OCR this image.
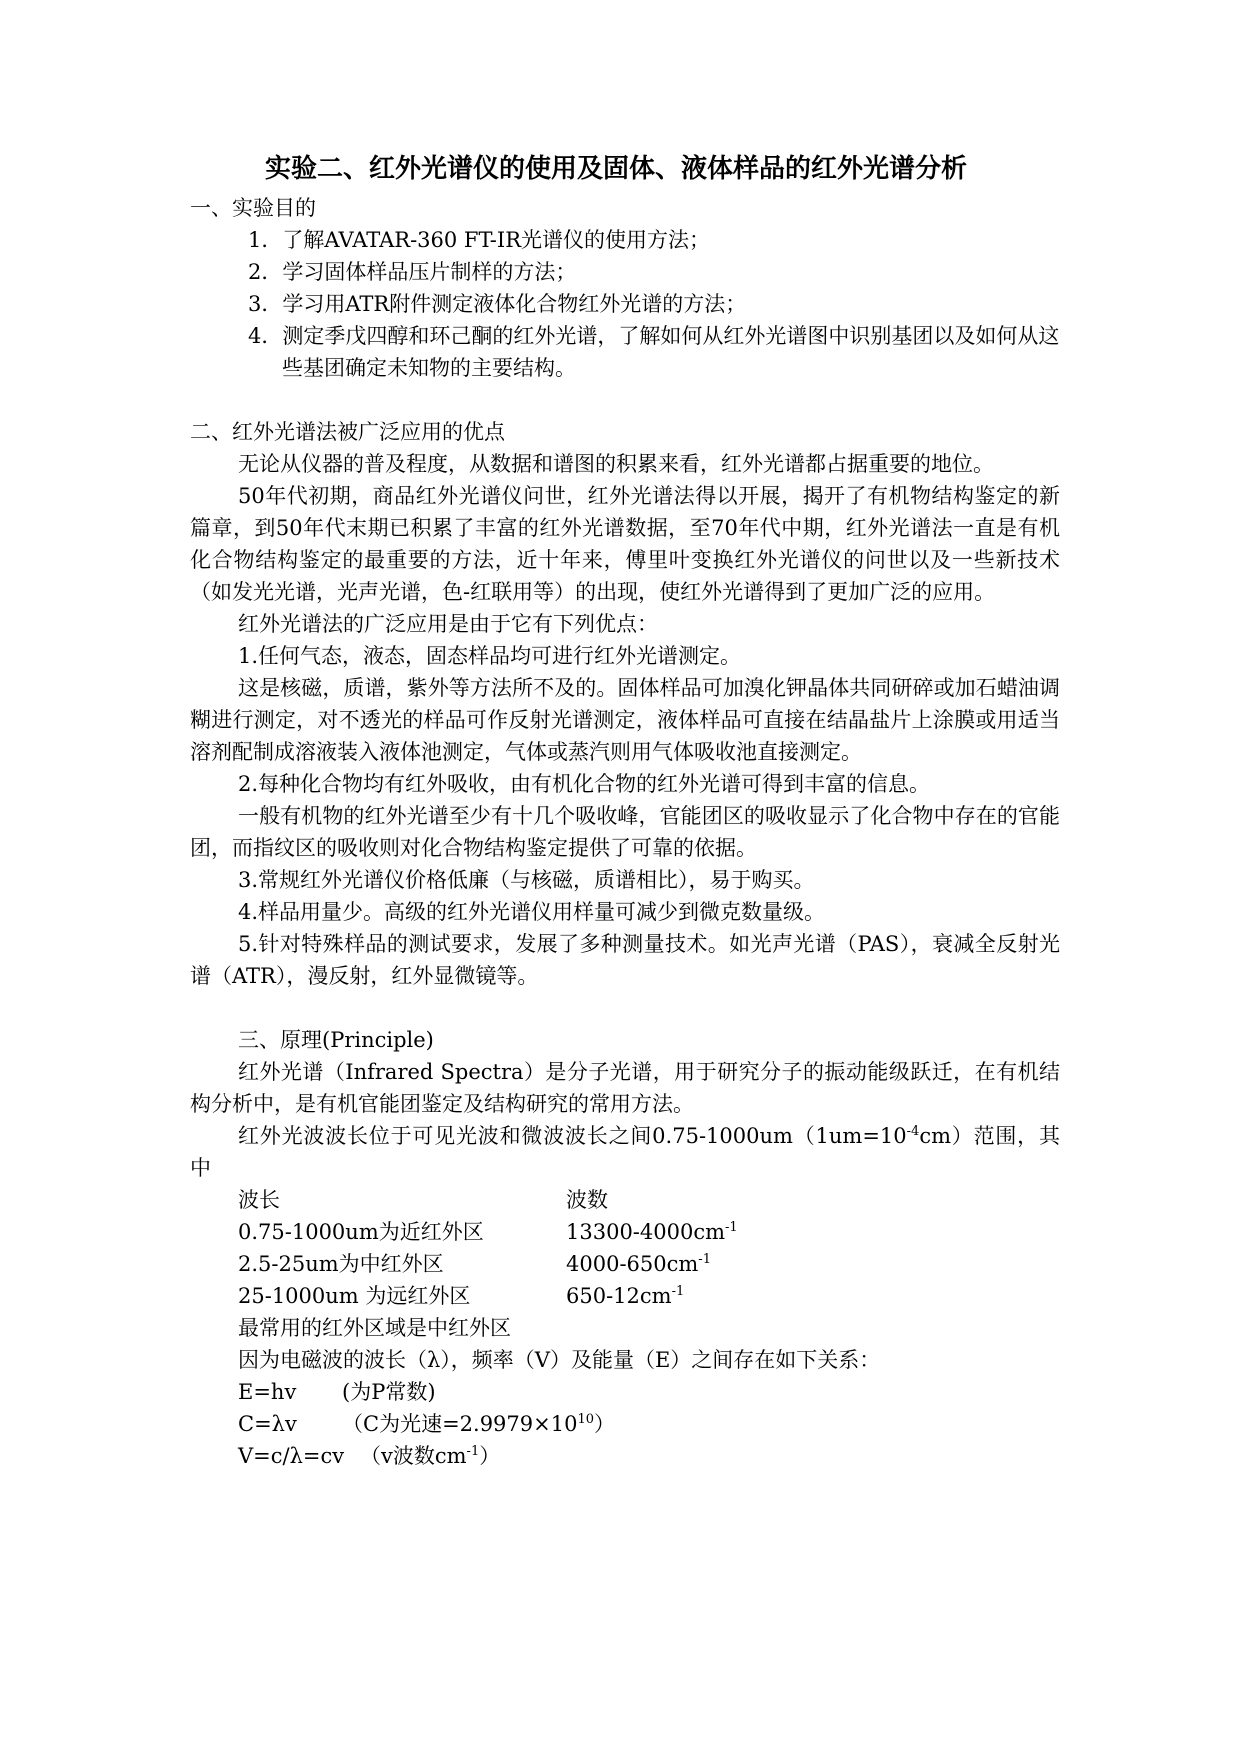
实验二、红外光谱仪的使用及固体、液体样品的红外光谱分析
一、实验目的
1．了解AVATAR-360 FT-IR光谱仪的使用方法；
2．学习固体样品压片制样的方法；
3．学习用ATR附件测定液体化合物红外光谱的方法；
4．测定季戊四醇和环己酮的红外光谱，了解如何从红外光谱图中识别基团以及如何从这些基团确定未知物的主要结构。
二、红外光谱法被广泛应用的优点

无论从仪器的普及程度，从数据和谱图的积累来看，红外光谱都占据重要的地位。

50年代初期，商品红外光谱仪问世，红外光谱法得以开展，揭开了有机物结构鉴定的新篇章，到50年代末期已积累了丰富的红外光谱数据，至70年代中期，红外光谱法一直是有机化合物结构鉴定的最重要的方法，近十年来，傅里叶变换红外光谱仪的问世以及一些新技术（如发光光谱，光声光谱，色-红联用等）的出现，使红外光谱得到了更加广泛的应用。

红外光谱法的广泛应用是由于它有下列优点：

1.任何气态，液态，固态样品均可进行红外光谱测定。

这是核磁，质谱，紫外等方法所不及的。固体样品可加溴化钾晶体共同研碎或加石蜡油调糊进行测定，对不透光的样品可作反射光谱测定，液体样品可直接在结晶盐片上涂膜或用适当溶剂配制成溶液装入液体池测定，气体或蒸汽则用气体吸收池直接测定。

2.每种化合物均有红外吸收，由有机化合物的红外光谱可得到丰富的信息。

一般有机物的红外光谱至少有十几个吸收峰，官能团区的吸收显示了化合物中存在的官能团，而指纹区的吸收则对化合物结构鉴定提供了可靠的依据。

3.常规红外光谱仪价格低廉（与核磁，质谱相比），易于购买。

4.样品用量少。高级的红外光谱仪用样量可减少到微克数量级。

5.针对特殊样品的测试要求，发展了多种测量技术。如光声光谱（PAS），衰减全反射光谱（ATR），漫反射，红外显微镜等。

三、原理(Principle)

红外光谱（Infrared Spectra）是分子光谱，用于研究分子的振动能级跃迁，在有机结构分析中，是有机官能团鉴定及结构研究的常用方法。

红外光波波长位于可见光波和微波波长之间$0.75-1000um(1um=10^{-4}cm)$范围，其中

波长	波数
0.75-1000um为近红外区	$13300-4000cm^{-1}$
2.5-25um为中红外区	$4000-650cm^{-1}$
25-1000um 为远红外区	$650-12cm^{-1}$
最常用的红外区域是中红外区
因为电磁波的波长（λ），频率（V）及能量（E）之间存在如下关系：
E=hv (为P常数)
C=λv （C为光速$=2.9979\times 10^{10}$）
V=c/λ=cv （v波数$cm^{-1}$）
